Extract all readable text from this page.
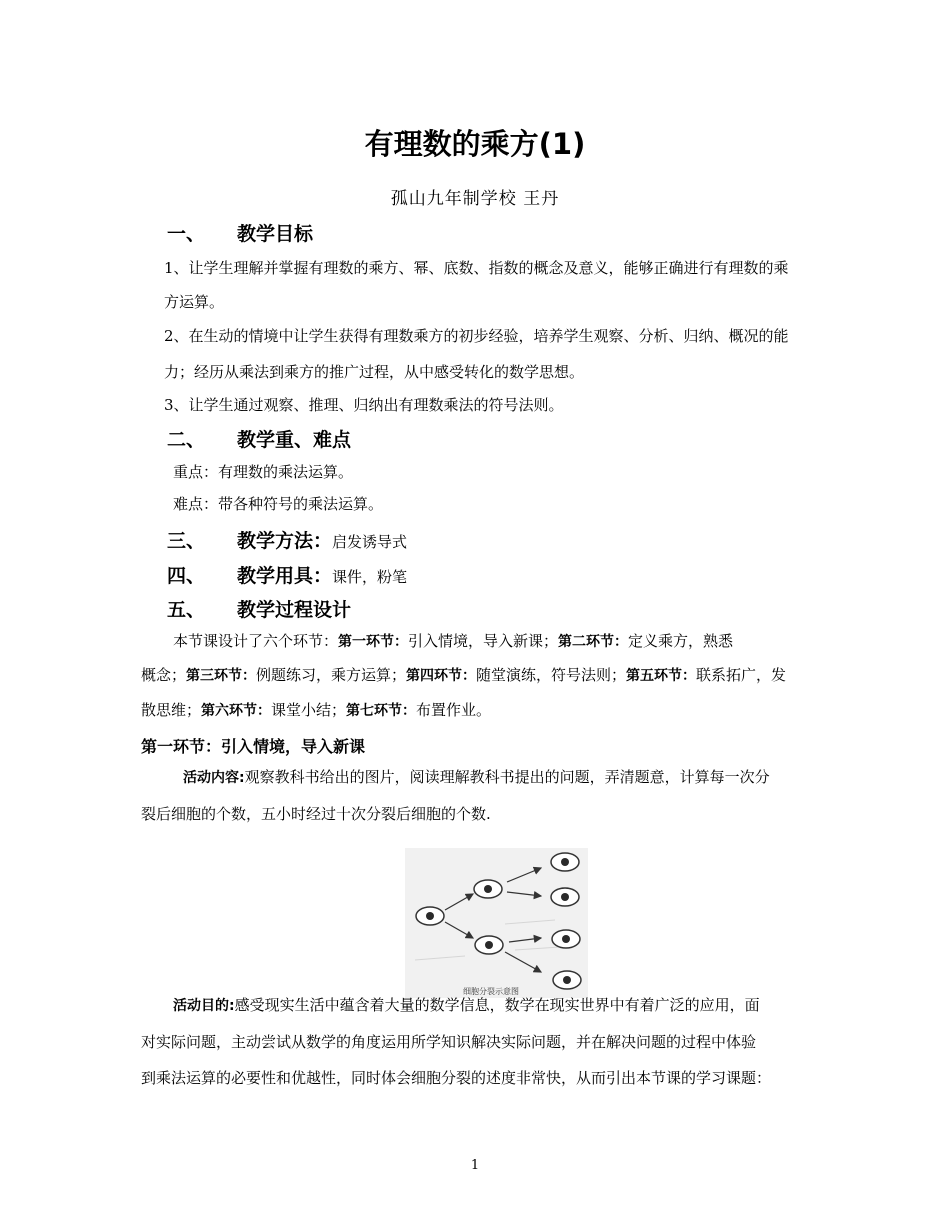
有理数的乘方(1)
孤山九年制学校 王丹
一、 教学目标
1、让学生理解并掌握有理数的乘方、幂、底数、指数的概念及意义，能够正确进行有理数的乘
方运算。
2、在生动的情境中让学生获得有理数乘方的初步经验，培养学生观察、分析、归纳、概况的能
力；经历从乘法到乘方的推广过程，从中感受转化的数学思想。
3、让学生通过观察、推理、归纳出有理数乘法的符号法则。
二、 教学重、难点
重点：有理数的乘法运算。
难点：带各种符号的乘法运算。
三、 教学方法：启发诱导式
四、 教学用具：课件，粉笔
五、 教学过程设计
本节课设计了六个环节：第一环节：引入情境，导入新课；第二环节：定义乘方，熟悉
概念；第三环节：例题练习，乘方运算；第四环节：随堂演练，符号法则；第五环节：联系拓广，发
散思维；第六环节：课堂小结；第七环节：布置作业。
第一环节：引入情境，导入新课
活动内容:观察教科书给出的图片，阅读理解教科书提出的问题，弄清题意，计算每一次分
裂后细胞的个数，五小时经过十次分裂后细胞的个数.
细胞分裂示意图
活动目的:感受现实生活中蕴含着大量的数学信息，数学在现实世界中有着广泛的应用，面
对实际问题，主动尝试从数学的角度运用所学知识解决实际问题，并在解决问题的过程中体验
到乘法运算的必要性和优越性，同时体会细胞分裂的述度非常快，从而引出本节课的学习课题：
1
